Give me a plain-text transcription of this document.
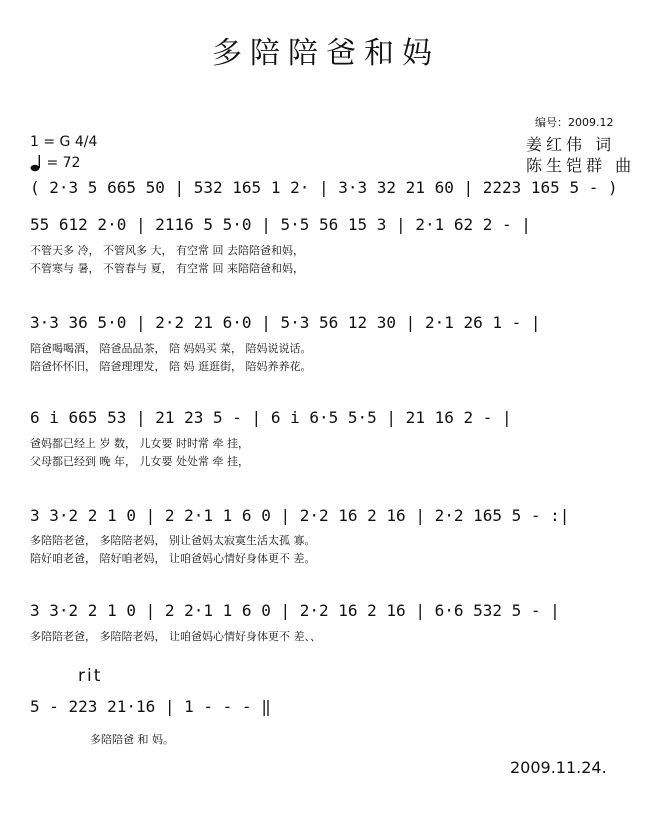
多陪陪爸和妈
编号：2009.12
1 = G 4/4
= 72
姜红伟 词
陈生铠群 曲
( 2·3 5 665 50 | 532 165 1 2· | 3·3 32 21 60 | 2223 165 5 - )
55 612 2·0 | 2116 5 5·0 | 5·5 56 15 3 | 2·1 62 2 - |
不管天多 冷， 不管风多 大， 有空常 回 去陪陪爸和妈，
不管寒与 暑， 不管春与 夏， 有空常 回 来陪陪爸和妈，
3·3 36 5·0 | 2·2 21 6·0 | 5·3 56 12 30 | 2·1 26 1 - |
陪爸喝喝酒， 陪爸品品茶， 陪 妈妈买 菜， 陪妈说说话。
陪爸怀怀旧， 陪爸理理发， 陪 妈 逛逛街， 陪妈养养花。
6 i 665 53 | 21 23 5 - | 6 i 6·5 5·5 | 21 16 2 - |
爸妈都已经上 岁 数， 儿女要 时时常 牵 挂，
父母都已经到 晚 年， 儿女要 处处常 牵 挂，
3 3·2 2 1 0 | 2 2·1 1 6 0 | 2·2 16 2 16 | 2·2 165 5 - :|
多陪陪老爸， 多陪陪老妈， 别让爸妈太寂寞生活太孤 寡。
陪好咱老爸， 陪好咱老妈， 让咱爸妈心情好身体更不 差。
3 3·2 2 1 0 | 2 2·1 1 6 0 | 2·2 16 2 16 | 6·6 532 5 - |
多陪陪老爸， 多陪陪老妈， 让咱爸妈心情好身体更不 差、、
rit
5 - 223 21·16 | 1 - - - ‖
多陪陪爸 和 妈。
2009.11.24.
